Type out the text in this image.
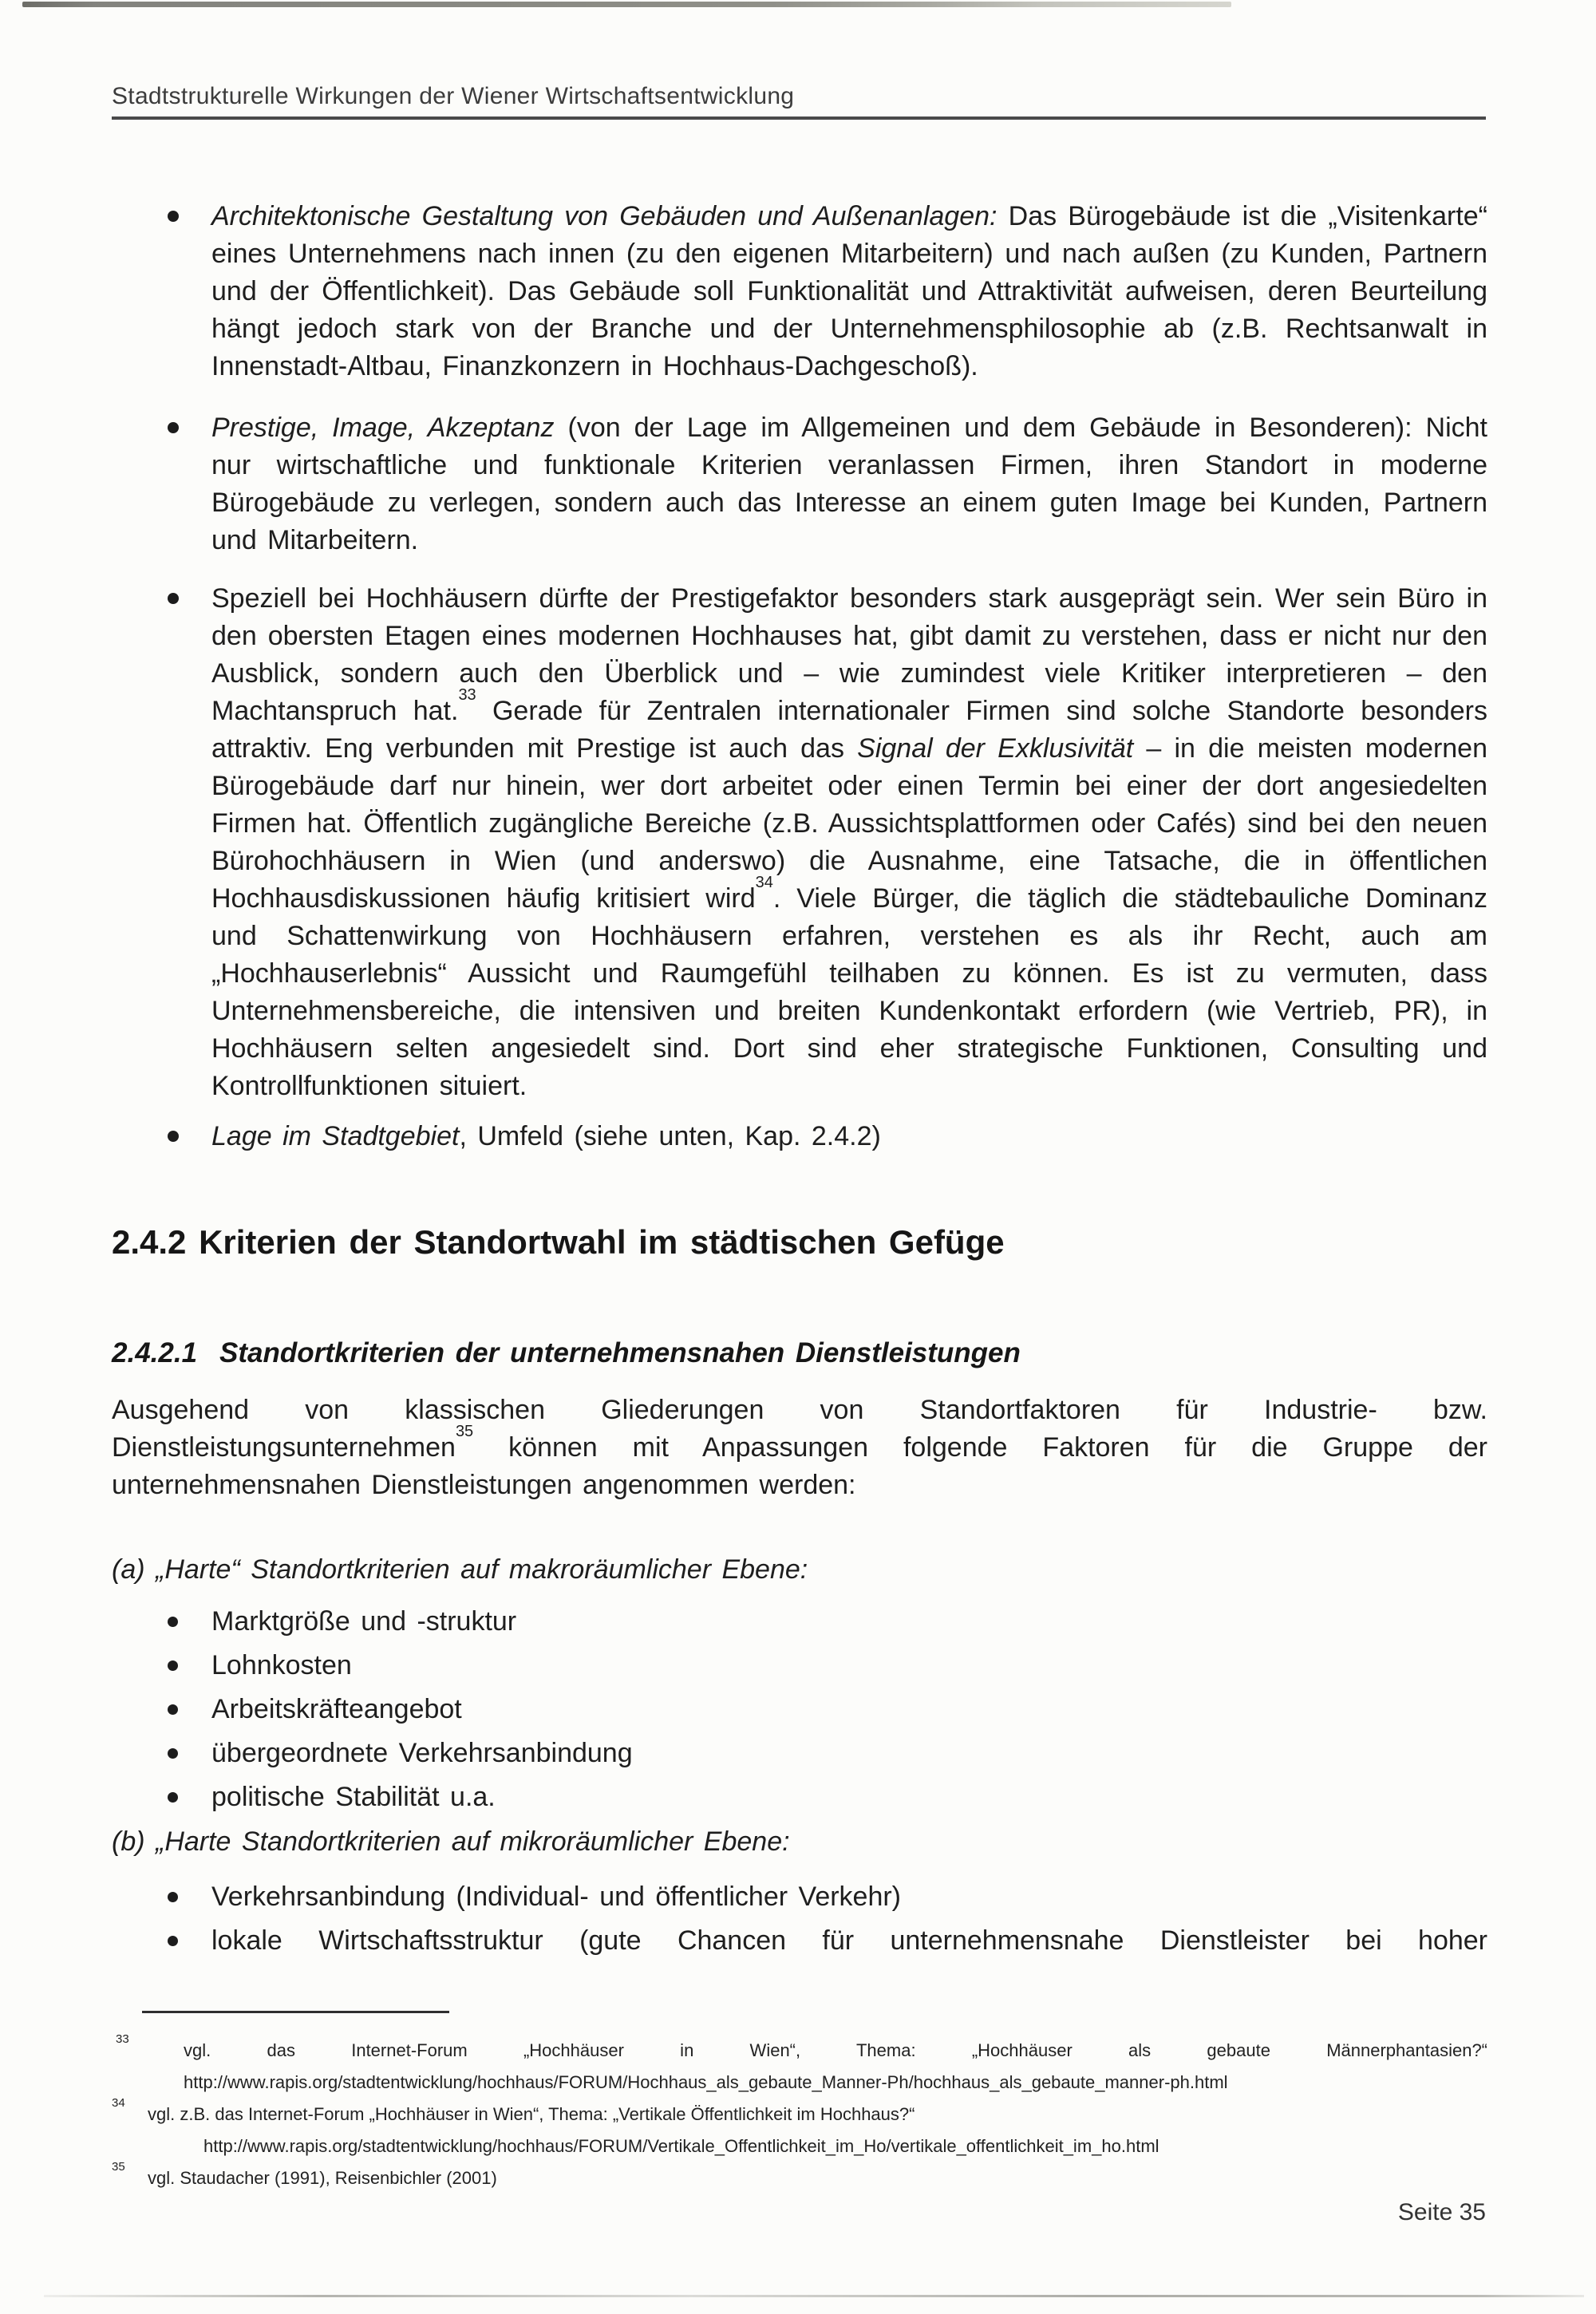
Stadtstrukturelle Wirkungen der Wiener Wirtschaftsentwicklung

Architektonische Gestaltung von Gebäuden und Außenanlagen: Das Bürogebäude ist die „Visitenkarte“ eines Unternehmens nach innen (zu den eigenen Mitarbeitern) und nach außen (zu Kunden, Partnern und der Öffentlichkeit). Das Gebäude soll Funktionalität und Attraktivität aufweisen, deren Beurteilung hängt jedoch stark von der Branche und der Unternehmensphilosophie ab (z.B. Rechtsanwalt in Innenstadt-Altbau, Finanzkonzern in Hochhaus-Dachgeschoß).

Prestige, Image, Akzeptanz (von der Lage im Allgemeinen und dem Gebäude in Besonderen): Nicht nur wirtschaftliche und funktionale Kriterien veranlassen Firmen, ihren Standort in moderne Bürogebäude zu verlegen, sondern auch das Interesse an einem guten Image bei Kunden, Partnern und Mitarbeitern.

Speziell bei Hochhäusern dürfte der Prestigefaktor besonders stark ausgeprägt sein. Wer sein Büro in den obersten Etagen eines modernen Hochhauses hat, gibt damit zu verstehen, dass er nicht nur den Ausblick, sondern auch den Überblick und – wie zumindest viele Kritiker interpretieren – den Machtanspruch hat.$^{33}$ Gerade für Zentralen internationaler Firmen sind solche Standorte besonders attraktiv. Eng verbunden mit Prestige ist auch das Signal der Exklusivität – in die meisten modernen Bürogebäude darf nur hinein, wer dort arbeitet oder einen Termin bei einer der dort angesiedelten Firmen hat. Öffentlich zugängliche Bereiche (z.B. Aussichtsplattformen oder Cafés) sind bei den neuen Bürohochhäusern in Wien (und anderswo) die Ausnahme, eine Tatsache, die in öffentlichen Hochhausdiskussionen häufig kritisiert wird$^{34}$. Viele Bürger, die täglich die städtebauliche Dominanz und Schattenwirkung von Hochhäusern erfahren, verstehen es als ihr Recht, auch am „Hochhauserlebnis“ Aussicht und Raumgefühl teilhaben zu können. Es ist zu vermuten, dass Unternehmensbereiche, die intensiven und breiten Kundenkontakt erfordern (wie Vertrieb, PR), in Hochhäusern selten angesiedelt sind. Dort sind eher strategische Funktionen, Consulting und Kontrollfunktionen situiert.

Lage im Stadtgebiet, Umfeld (siehe unten, Kap. 2.4.2)

2.4.2 Kriterien der Standortwahl im städtischen Gefüge
2.4.2.1 Standortkriterien der unternehmensnahen Dienstleistungen

Ausgehend von klassischen Gliederungen von Standortfaktoren für Industrie- bzw. Dienstleistungsunternehmen$^{35}$ können mit Anpassungen folgende Faktoren für die Gruppe der unternehmensnahen Dienstleistungen angenommen werden:

(a) „Harte“ Standortkriterien auf makroräumlicher Ebene:

Marktgröße und -struktur

Lohnkosten

Arbeitskräfteangebot

übergeordnete Verkehrsanbindung

politische Stabilität u.a.

(b) „Harte Standortkriterien auf mikroräumlicher Ebene:

Verkehrsanbindung (Individual- und öffentlicher Verkehr)

lokale Wirtschaftsstruktur (gute Chancen für unternehmensnahe Dienstleister bei hoher

33
vgl. das Internet-Forum „Hochhäuser in Wien“, Thema: „Hochhäuser als gebaute Männerphantasien?“

http://www.rapis.org/stadtentwicklung/hochhaus/FORUM/Hochhaus_als_gebaute_Manner-Ph/hochhaus_als_gebaute_manner-ph.html

34
vgl. z.B. das Internet-Forum „Hochhäuser in Wien“, Thema: „Vertikale Öffentlichkeit im Hochhaus?“

http://www.rapis.org/stadtentwicklung/hochhaus/FORUM/Vertikale_Offentlichkeit_im_Ho/vertikale_offentlichkeit_im_ho.html

35
vgl. Staudacher (1991), Reisenbichler (2001)

Seite 35
